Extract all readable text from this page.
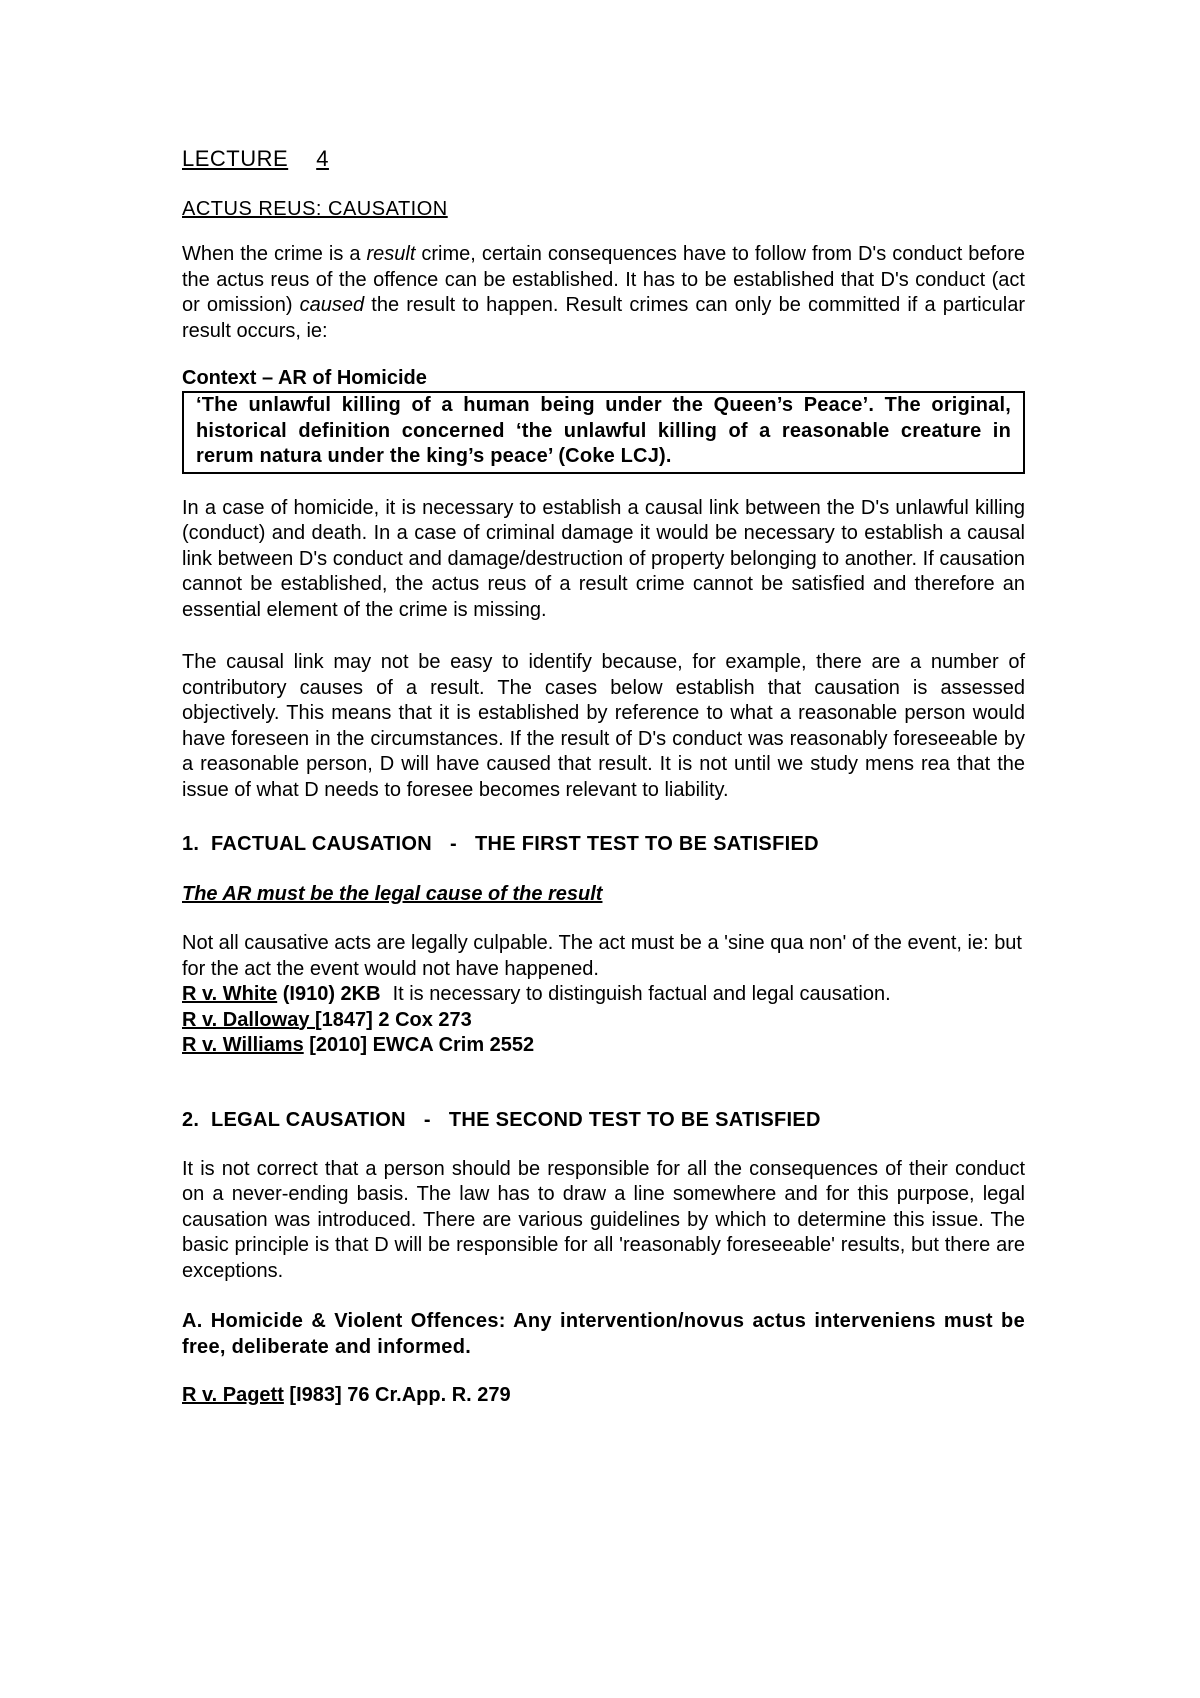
LECTURE 4
ACTUS REUS: CAUSATION

When the crime is a result crime, certain consequences have to follow from D's conduct before the actus reus of the offence can be established. It has to be established that D's conduct (act or omission) caused the result to happen. Result crimes can only be committed if a particular result occurs, ie:

Context – AR of Homicide

‘The unlawful killing of a human being under the Queen’s Peace’. The original, historical definition concerned ‘the unlawful killing of a reasonable creature in rerum natura under the king’s peace’ (Coke LCJ).

In a case of homicide, it is necessary to establish a causal link between the D's unlawful killing (conduct) and death. In a case of criminal damage it would be necessary to establish a causal link between D's conduct and damage/destruction of property belonging to another. If causation cannot be established, the actus reus of a result crime cannot be satisfied and therefore an essential element of the crime is missing.

The causal link may not be easy to identify because, for example, there are a number of contributory causes of a result. The cases below establish that causation is assessed objectively. This means that it is established by reference to what a reasonable person would have foreseen in the circumstances. If the result of D's conduct was reasonably foreseeable by a reasonable person, D will have caused that result. It is not until we study mens rea that the issue of what D needs to foresee becomes relevant to liability.

1. FACTUAL CAUSATION - THE FIRST TEST TO BE SATISFIED

The AR must be the legal cause of the result

Not all causative acts are legally culpable. The act must be a 'sine qua non' of the event, ie: but for the act the event would not have happened.

R v. White (I910) 2KB It is necessary to distinguish factual and legal causation.
R v. Dalloway [1847] 2 Cox 273
R v. Williams [2010] EWCA Crim 2552

2. LEGAL CAUSATION - THE SECOND TEST TO BE SATISFIED

It is not correct that a person should be responsible for all the consequences of their conduct on a never-ending basis. The law has to draw a line somewhere and for this purpose, legal causation was introduced. There are various guidelines by which to determine this issue. The basic principle is that D will be responsible for all 'reasonably foreseeable' results, but there are exceptions.

A. Homicide & Violent Offences: Any intervention/novus actus interveniens must be free, deliberate and informed.

R v. Pagett [I983] 76 Cr.App. R. 279
